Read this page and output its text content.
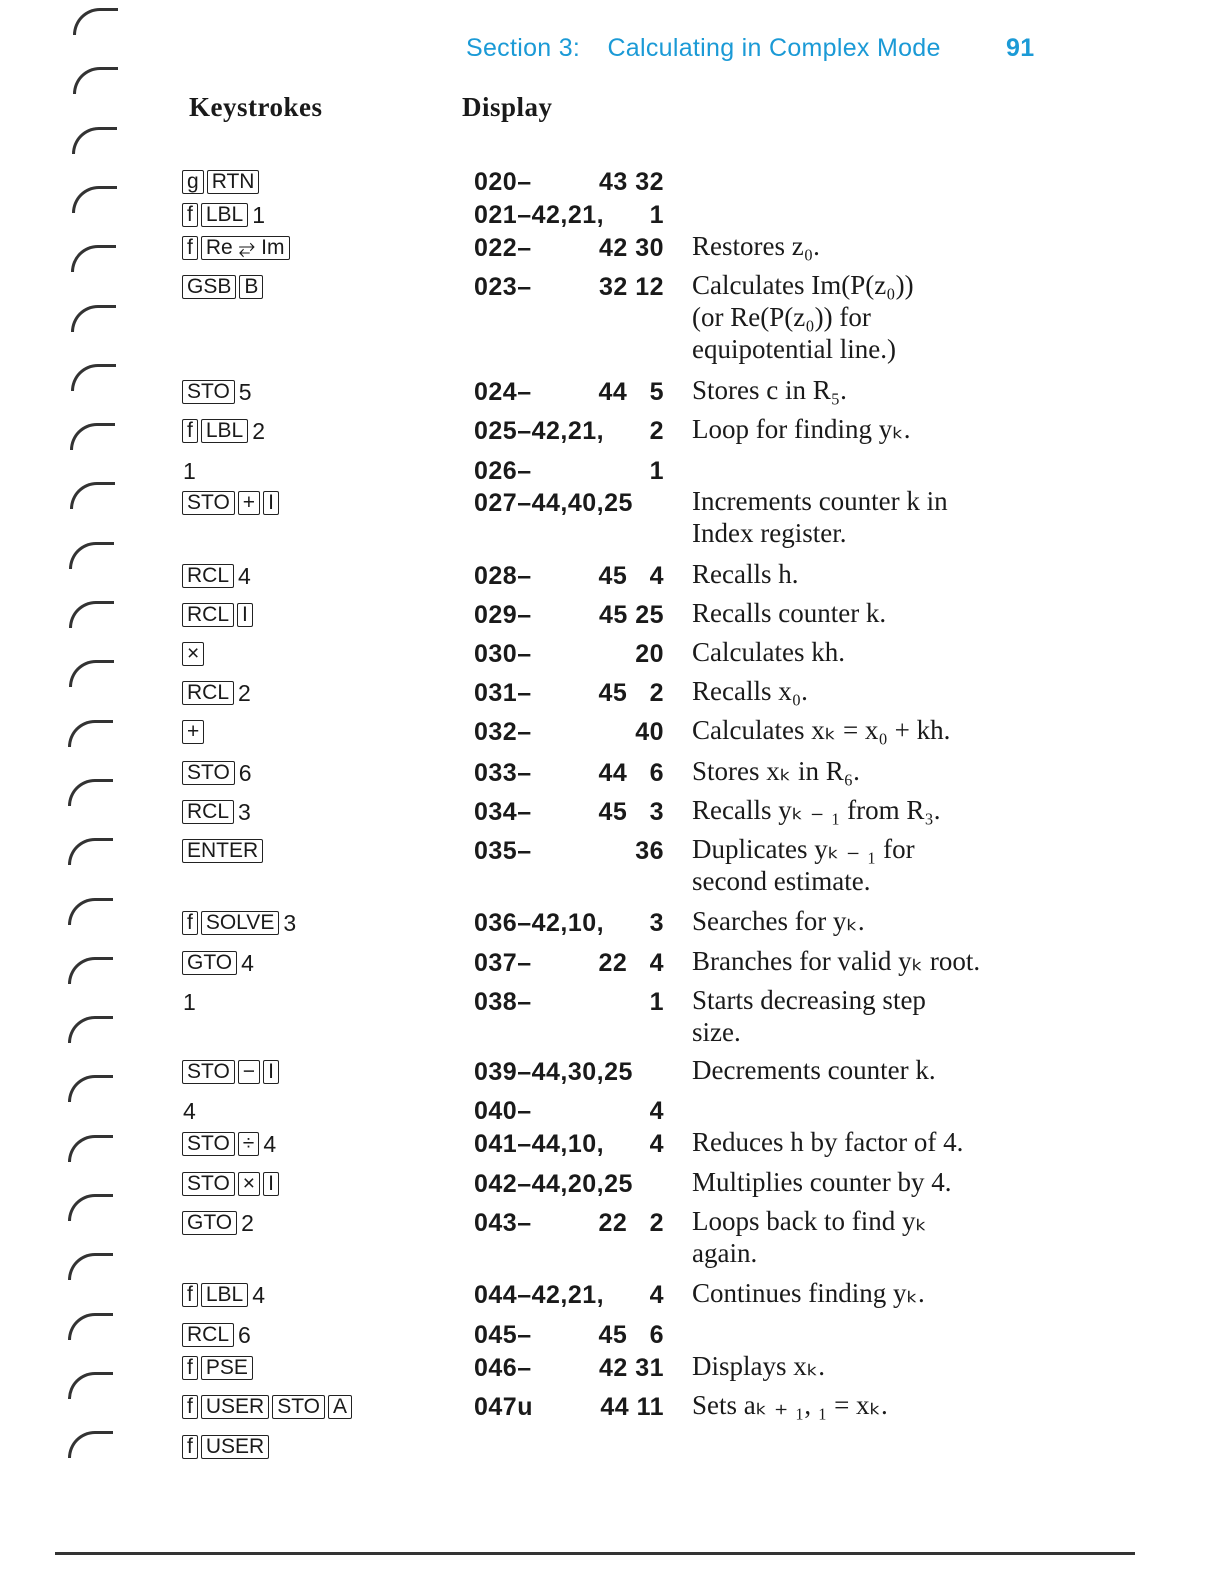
Section 3: Calculating in Complex Mode	91
Keystrokes	Display
g RTN	020–	43 32
f LBL 1	021–42,21, 1
f Re ⥂ Im	022–	42 30 Restores z₀.
GSB B	023–	32 12 Calculates Im(P(z₀))
(or Re(P(z₀)) for
equipotential line.)
STO 5	024–	44   5 Stores c in R₅.
f LBL 2	025–42,21, 2 Loop for finding yₖ.
1	026–	1
STO + I	027–44,40,25 Increments counter k in
Index register.
RCL 4	028–	45   4 Recalls h.
RCL I	029–	45 25 Recalls counter k.
×	030–	20 Calculates kh.
RCL 2	031–	45   2 Recalls x₀.
+	032–	40 Calculates xₖ = x₀ + kh.
STO 6	033–	44   6 Stores xₖ in R₆.
RCL 3	034–	45   3 Recalls yₖ ₋ ₁ from R₃.
ENTER	035–	36 Duplicates yₖ ₋ ₁ for
second estimate.
f SOLVE 3	036–42,10, 3 Searches for yₖ.
GTO 4	037–	22   4 Branches for valid yₖ root.
1	038–	1 Starts decreasing step
size.
STO − I	039–44,30,25 Decrements counter k.
4	040–	4
STO ÷ 4	041–44,10, 4 Reduces h by factor of 4.
STO × I	042–44,20,25 Multiplies counter by 4.
GTO 2	043–	22   2 Loops back to find yₖ
again.
f LBL 4	044–42,21, 4 Continues finding yₖ.
RCL 6	045–	45   6
f PSE	046–	42 31 Displays xₖ.
f USER STO A	047u	44 11 Sets aₖ ₊ ₁, ₁ = xₖ.
f USER
